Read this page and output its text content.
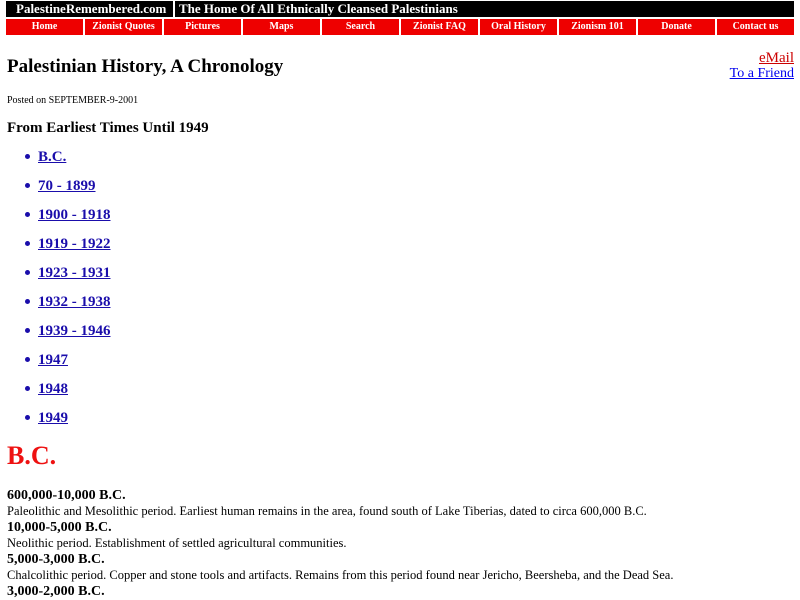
PalestineRemembered.com The Home Of All Ethnically Cleansed Palestinians
Home	Zionist Quotes	Pictures	Maps	Search	Zionist FAQ	Oral History	Zionism 101	Donate	Contact us
Palestinian History, A Chronology	eMail
To a Friend
Posted on SEPTEMBER-9-2001
From Earliest Times Until 1949
B.C.
70 - 1899
1900 - 1918
1919 - 1922
1923 - 1931
1932 - 1938
1939 - 1946
1947
1948
1949
B.C.
600,000-10,000 B.C.
Paleolithic and Mesolithic period. Earliest human remains in the area, found south of Lake Tiberias, dated to circa 600,000 B.C.
10,000-5,000 B.C.
Neolithic period. Establishment of settled agricultural communities.
5,000-3,000 B.C.
Chalcolithic period. Copper and stone tools and artifacts. Remains from this period found near Jericho, Beersheba, and the Dead Sea.
3,000-2,000 B.C.
